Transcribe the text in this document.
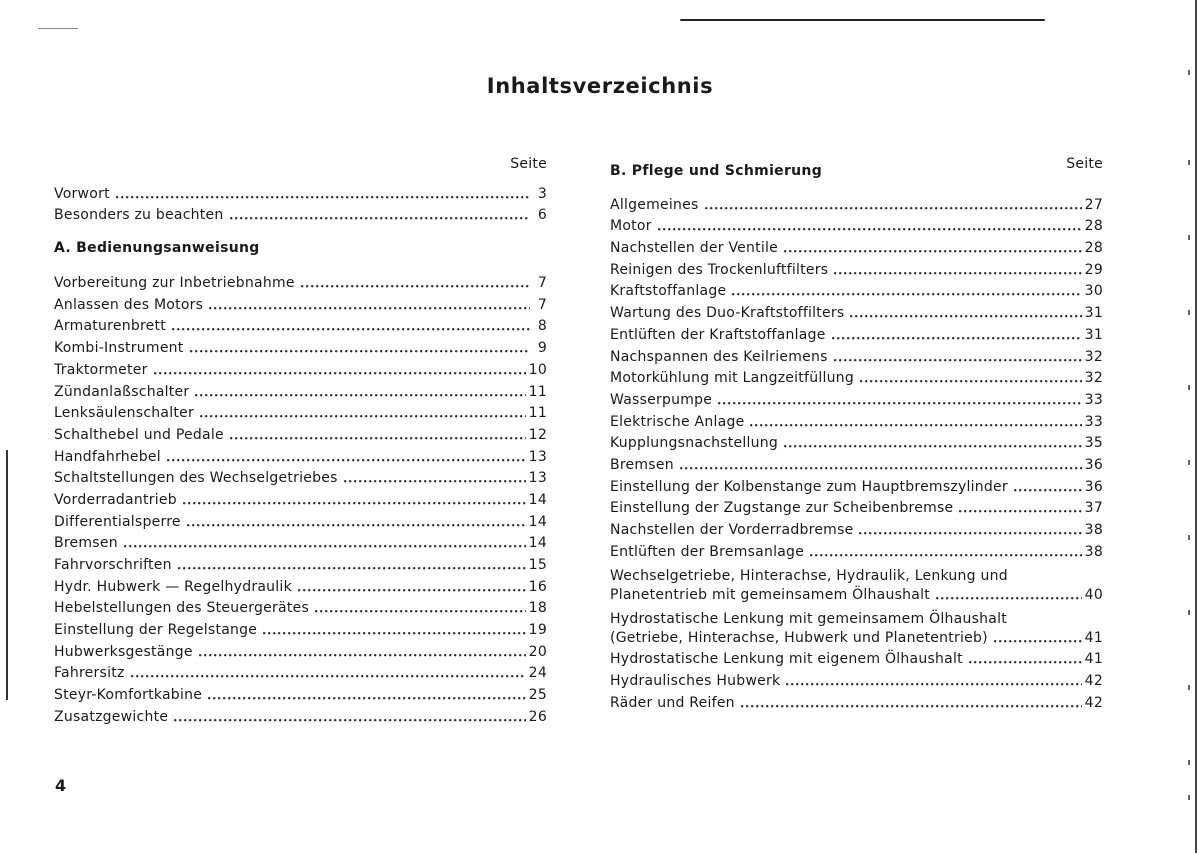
Inhaltsverzeichnis
Seite
Vorwort	3
Besonders zu beachten	6
A. Bedienungsanweisung
Vorbereitung zur Inbetriebnahme	7
Anlassen des Motors	7
Armaturenbrett	8
Kombi-Instrument	9
Traktormeter	10
Zündanlaßschalter	11
Lenksäulenschalter	11
Schalthebel und Pedale	12
Handfahrhebel	13
Schaltstellungen des Wechselgetriebes	13
Vorderradantrieb	14
Differentialsperre	14
Bremsen	14
Fahrvorschriften	15
Hydr. Hubwerk — Regelhydraulik	16
Hebelstellungen des Steuergerätes	18
Einstellung der Regelstange	19
Hubwerksgestänge	20
Fahrersitz	24
Steyr-Komfortkabine	25
Zusatzgewichte	26
Seite
B. Pflege und Schmierung
Allgemeines	27
Motor	28
Nachstellen der Ventile	28
Reinigen des Trockenluftfilters	29
Kraftstoffanlage	30
Wartung des Duo-Kraftstoffilters	31
Entlüften der Kraftstoffanlage	31
Nachspannen des Keilriemens	32
Motorkühlung mit Langzeitfüllung	32
Wasserpumpe	33
Elektrische Anlage	33
Kupplungsnachstellung	35
Bremsen	36
Einstellung der Kolbenstange zum Hauptbremszylinder	36
Einstellung der Zugstange zur Scheibenbremse	37
Nachstellen der Vorderradbremse	38
Entlüften der Bremsanlage	38
Wechselgetriebe, Hinterachse, Hydraulik, Lenkung und
Planetentrieb mit gemeinsamem Ölhaushalt	40
Hydrostatische Lenkung mit gemeinsamem Ölhaushalt
(Getriebe, Hinterachse, Hubwerk und Planetentrieb)	41
Hydrostatische Lenkung mit eigenem Ölhaushalt	41
Hydraulisches Hubwerk	42
Räder und Reifen	42
4
